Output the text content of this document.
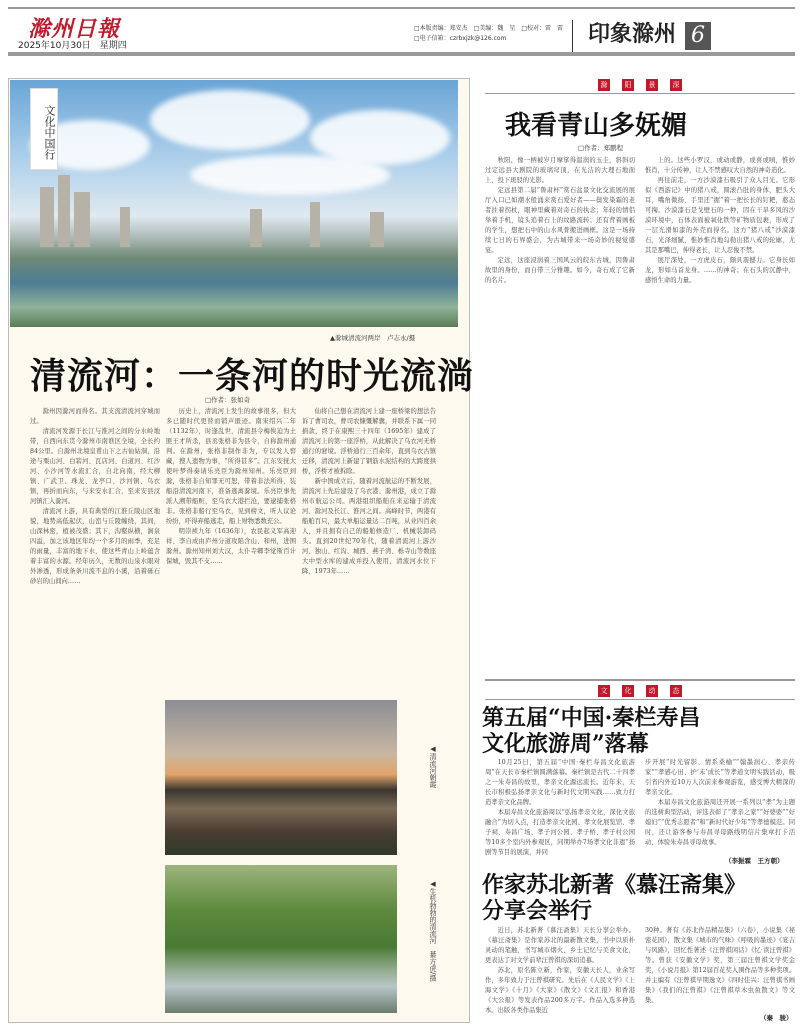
滁州日報
2025年10月30日　星期四
□本版责编：郑安杰　□美编：魏　星　□校对：雷　雷
□电子信箱：czrbxjzk@126.com	印象滁州 6
文化中国行
▲滁城清流河两岸　卢志永/摄
清流河：一条河的时光流淌
□作者：张如奇

滁州因滁河而得名。其支流清流河穿城而过。

清流河发源于长江与淮河之间的分水岭地带，自西向东贯今滁州市南谯区全境，全长约84公里。自滁州北境皇甫山下之古仙姑洞，沿途与栗山河、白箬河、瓦店河、白道河、红沙河、小沙河等水流汇合，自北向南，经大柳镇、广武卫、珠龙、龙亭口、沙河镇、乌衣镇，再折而向东，与来安水汇合，至来安县汊河镇汇入滁河。

清流河上游，具有典型的江淮丘陵山区地貌，地势高低起伏，山峦与丘陵缠绕，其间，山深林密，植被茂盛；其下，沟壑纵横，涧泉四溢，加之该地区年均一个多月的雨季，充足的雨量，丰富的地下水，使这些青山上岭蕴含着丰富的水源。经年历久，无数的山泉水眼对外渗透，形成条条川流不息的小溪，沿着砾石砂岩的山间向……

历史上，清流河上发生的故事很多，但大多已随时代更替而销声匿迹。南宋绍兴二年（1132年），时逢乱世，清流县令梅俟迫为土匪王才所杀，县丞张格非为县令，自称滁州通判。在滁州，张格非制作非为，专以发人窖藏，搜人遗物为事，“所得甚多”。江东安抚大使叶梦得奏请乐亮臣为滁州知州。乐亮臣到滁，张格非自知罪无可恕，带着非法所得，装船沿清流河南下，准备逃离滁境。乐亮臣事先派人溯带船赃，至乌衣大港拦沧，要逮捕张格非。张格非船行至乌衣，见到榜文，听人议论纷纷，吓得弃船逃走，船上财物悉数充公。

明崇祯九年（1636年），农民起义军高迎祥、李自成由庐州分道攻陷含山、和州，进围滁州。滁州知州刘大汉，太仆寺卿李觉斯百计保城，毁其不支……

仙将自己想在清流河上建一座桥梁的想法告诉了曹司农，曹司农慷慨解囊，并联系下属一同捐款，终于在康熙三十四年（1695年）建成了清流河上的第一座浮桥，从此解决了乌衣河无桥通行的窘境。浮桥通行三百余年，直到乌衣古镇迁移，清流河上新建了钢筋水泥结构的大跨度拱桥，浮桥才被拆除。

新中国成立后，随着河流航运的不断发展，清流河上先后建设了乌衣港、滁州港，成立了滁州市航运公司。两港组织船舶在来运输于清流河、滁河及长江、淮河之间。高峰时节，两港有船舶百只，最大单船运量达二百吨，从业四百余人，并且拥有自己的船舶修造厂、机械装卸码头。直到20世纪70年代，随着清流河上游沙河、独山、红沟、城西、燕子湾、栎寺山等数座大中型水库的建成并投入使用，清流河水位下降，1973年……

◀清流河朝霞
◀生机勃勃的清流河　綦方虎/摄
滁	阳	景	深
我看青山多妩媚
□作者：郑鹏程

秋阳，像一柄被岁月摩挲得温润的玉圭，斜斜切过定远县大剧院的玻璃穹顶，在光洁的大理石地面上，投下斑驳的光影。

定远县第二届“鲁肃杯”赏石盆景文化交流展的展厅入口已如潮水般涌来赏石爱好者——鬓发染霜的老者拄着拐杖，眼神里藏着对奇石的执念；年轻的情侣举着手机，镜头追着石上的纹路流转；还有背着画板的学生，想把石中的山水风骨搬进画框。这是一场持续七日的石界盛会，为古城带来一场奇妙的视觉盛宴。

定远，这座浸润着三国风云的皖东古城，因鲁肃故里的身份，而自带三分雅趣。如今，奇石成了它新的名片。

上的。这些小罗汉，或动或静，或喜或嗔，惟妙惟肖，十分传神，让人不禁感叹大自然的神奇造化。

再往前走，一方沙漠漆石吸引了众人目光。它形似《西游记》中的猪八戒，圆滚凸肚的身体，肥头大耳，嘴角微扬，手里还“握”着一把长长的钉耙，憨态可掬。沙漠漆石是戈壁石的一种，因在干旱多风的沙漠环境中，石体表面被氧化铁等矿物质包裹，形成了一层光滑如漆的外壳而得名。这方“猪八戒”沙漠漆石，光泽细腻，惟妙惟肖地勾勒出猪八戒的轮廓，尤其是那嘴巴，伸得老长，让人忍俊不禁。

展厅深处，一方虎皮石，颇具震撼力。它身长如龙，形如马首龙身。……的神奇；在石头的沉静中，感悟生命的力量。

文	化	动	态
第五届“中国·秦栏寿昌
文化旅游周”落幕

10月25日，第五届“中国·秦栏寿昌文化旅游周”在天长市秦栏镇圆满落幕。秦栏镇是古代二十四孝之一朱寿昌的故里，孝亲文化源远流长。近年来，天长市积极弘扬孝亲文化与新时代文明实践……致力打造孝亲文化品牌。

本届寿昌文化旅游周以“弘扬孝亲文化，深化文旅融合”为切入点，打造孝亲文化园、孝文化展览馆、孝子祠、寿昌广场、孝子河公园、孝子桥、孝子村公园等10多个室内外参观区，同期举办7场孝文化非遗“扬剧等节目的展演，并同

步开展“时光留影、情系桑榆”“翰墨润心、孝亲传家”“孝感心田、护‘未’成长”等孝道文明实践活动，吸引省内外近10万人次前来参观游览，感受博大精深的孝亲文化。

本届寿昌文化旅游周还开展一系列以“孝”为主题的选树典型活动，评选表彰了“孝亲之家”“好婆婆”“好媳妇”“优秀志愿者”和“新时代好少年”等孝德模范。同时，还让游客参与寿昌寻母路线明信片集章打卡活动，体验朱寿昌寻母故事。

（李振霖　王方朝）
作家苏北新著《慕汪斋集》
分享会举行

近日，苏北新著《慕汪斋集》天长分享会举办。《慕汪斋集》是作家苏北的最新散文集，书中以质朴灵动的笔触，书写城市烟火、乡土记忆与美食文化，更表达了对文学前辈汪曾祺的深切追慕。

苏北，原名陈立新，作家，安徽天长人，业余写作，多年致力于汪曾祺研究。先后在《人民文学》《上海文学》《十月》《大家》《散文》《文汇报》和香港《大公报》等发表作品200多万字。作品入选多种选本。出版各类作品集近

30种。著有《苏北作品精品集》（六卷），小说集《秘密花园》，散文集《城市的气味》《呼吸的墨迹》《宴吉与风路》，回忆性著述《汪曾祺闲话》《忆·读汪曾祺》等。曾获《安徽文学》奖，第三届汪曾祺文学奖金奖，《小说月报》第12届百花奖入围作品等多种奖项。并主编有《汪曾祺早期逸文》《四时佳兴：汪曾祺书画集》《我们的汪曾祺》《汪曾祺草木虫鱼散文》等文集。

（秦　骏）
